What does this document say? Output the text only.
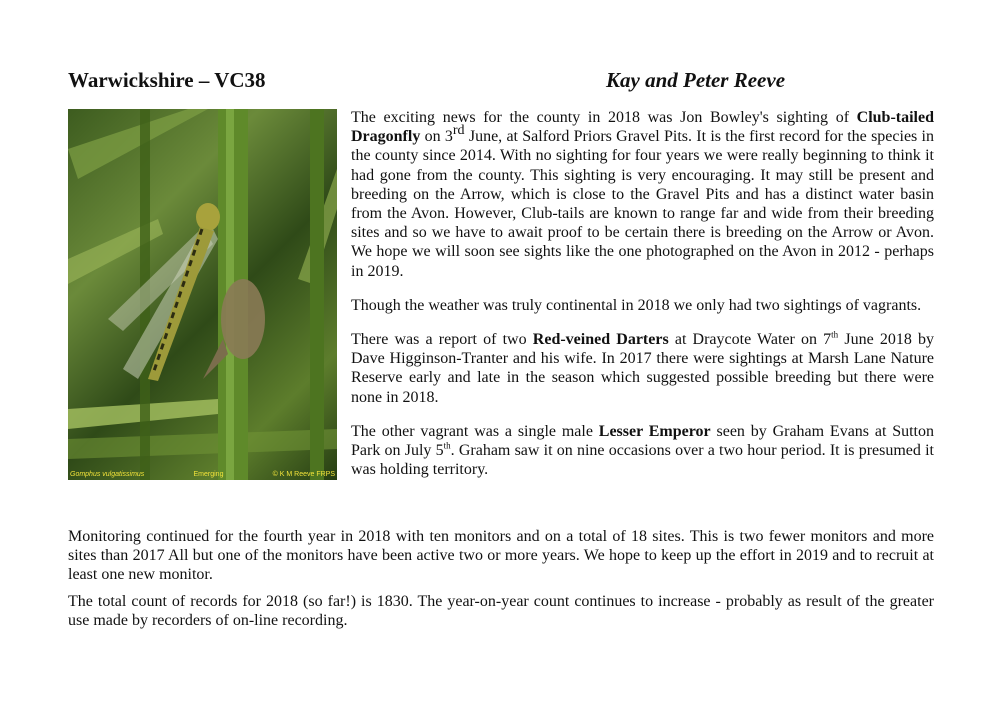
Warwickshire – VC38	Kay and Peter Reeve
Gomphus vulgatissimus	Emerging	© K M Reeve FRPS

The exciting news for the county in 2018 was Jon Bowley's sighting of Club-tailed Dragonfly on 3rd June, at Salford Priors Gravel Pits. It is the first record for the species in the county since 2014. With no sighting for four years we were really beginning to think it had gone from the county. This sighting is very encouraging. It may still be present and breeding on the Arrow, which is close to the Gravel Pits and has a distinct water basin from the Avon. However, Club-tails are known to range far and wide from their breeding sites and so we have to await proof to be certain there is breeding on the Arrow or Avon. We hope we will soon see sights like the one photographed on the Avon in 2012 - perhaps in 2019.

Though the weather was truly continental in 2018 we only had two sightings of vagrants.

There was a report of two Red-veined Darters at Draycote Water on 7th June 2018 by Dave Higginson-Tranter and his wife. In 2017 there were sightings at Marsh Lane Nature Reserve early and late in the season which suggested possible breeding but there were none in 2018.

The other vagrant was a single male Lesser Emperor seen by Graham Evans at Sutton Park on July 5th. Graham saw it on nine occasions over a two hour period. It is presumed it was holding territory.

Monitoring continued for the fourth year in 2018 with ten monitors and on a total of 18 sites. This is two fewer monitors and more sites than 2017 All but one of the monitors have been active two or more years. We hope to keep up the effort in 2019 and to recruit at least one new monitor.

The total count of records for 2018 (so far!) is 1830. The year-on-year count continues to increase - probably as result of the greater use made by recorders of on-line recording.
